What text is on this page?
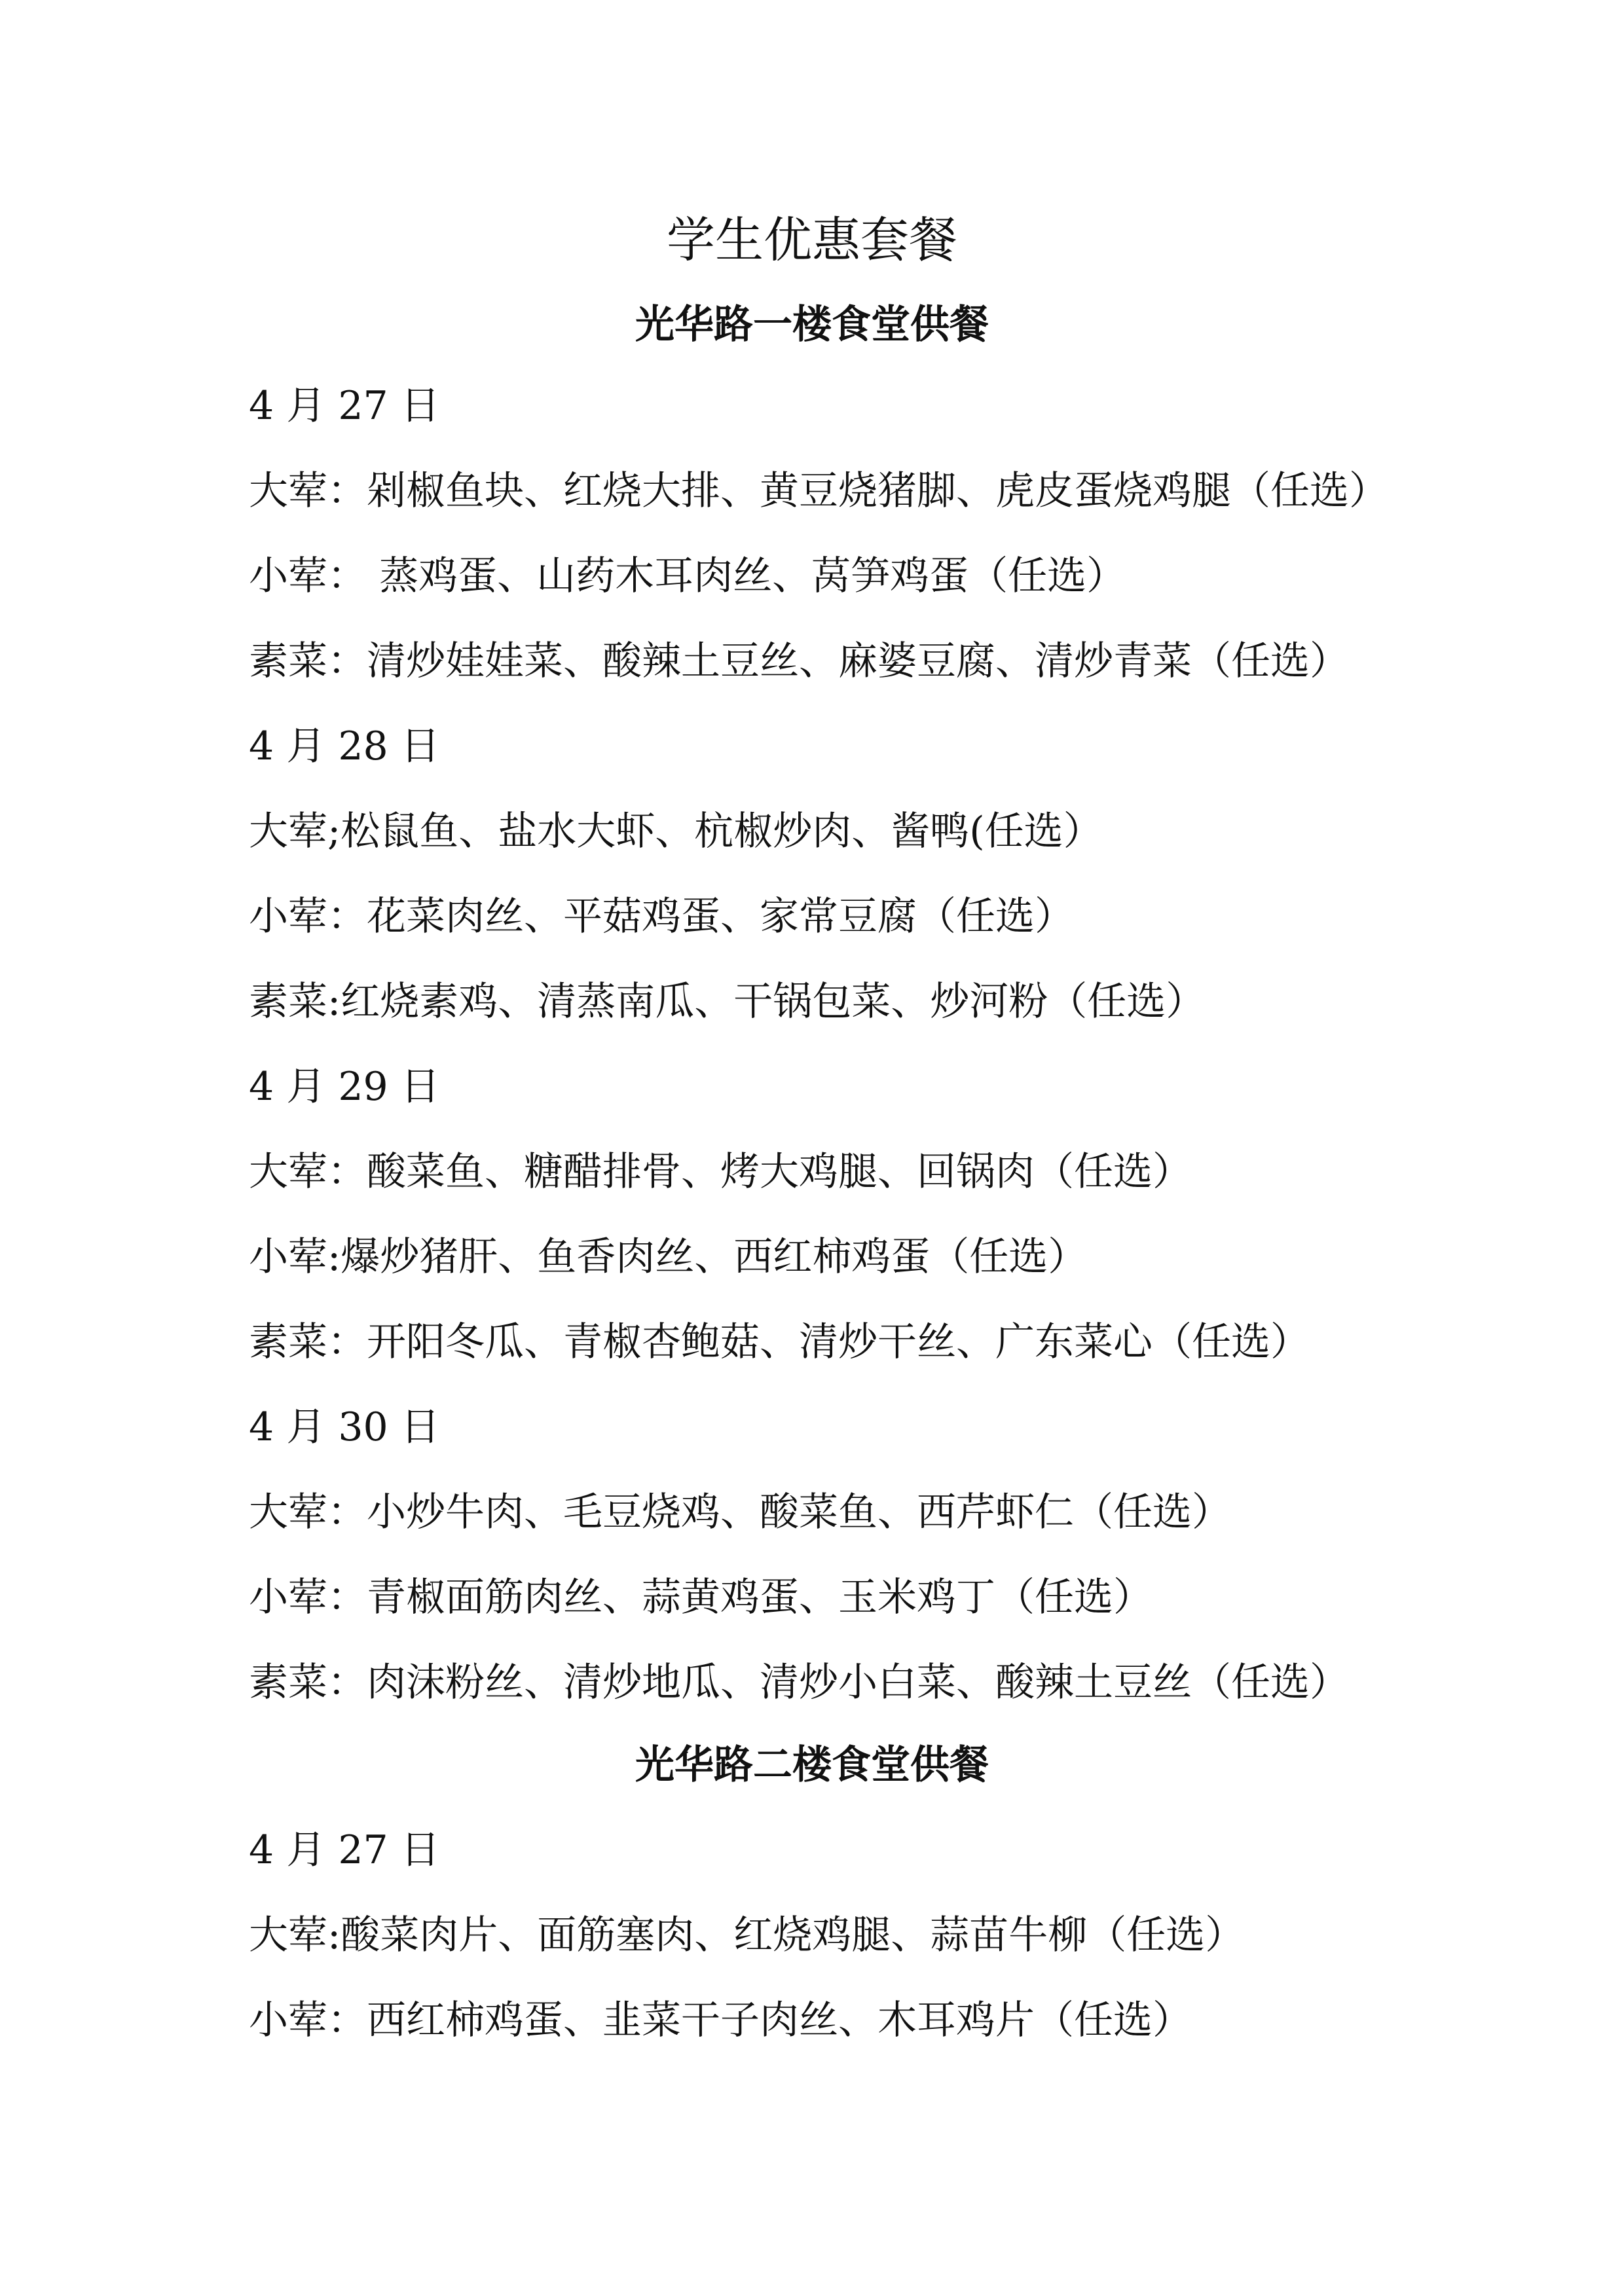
学生优惠套餐
光华路一楼食堂供餐
4 月 27 日
大荤：剁椒鱼块、红烧大排、黄豆烧猪脚、虎皮蛋烧鸡腿（任选）
小荤： 蒸鸡蛋、山药木耳肉丝、莴笋鸡蛋（任选）
素菜：清炒娃娃菜、酸辣土豆丝、麻婆豆腐、清炒青菜（任选）
4 月 28 日
大荤;松鼠鱼、盐水大虾、杭椒炒肉、酱鸭(任选）
小荤：花菜肉丝、平菇鸡蛋、家常豆腐（任选）
素菜:红烧素鸡、清蒸南瓜、干锅包菜、炒河粉（任选）
4 月 29 日
大荤：酸菜鱼、糖醋排骨、烤大鸡腿、回锅肉（任选）
小荤:爆炒猪肝、鱼香肉丝、西红柿鸡蛋（任选）
素菜：开阳冬瓜、青椒杏鲍菇、清炒干丝、广东菜心（任选）
4 月 30 日
大荤：小炒牛肉、毛豆烧鸡、酸菜鱼、西芹虾仁（任选）
小荤：青椒面筋肉丝、蒜黄鸡蛋、玉米鸡丁（任选）
素菜：肉沫粉丝、清炒地瓜、清炒小白菜、酸辣土豆丝（任选）
光华路二楼食堂供餐
4 月 27 日
大荤:酸菜肉片、面筋塞肉、红烧鸡腿、蒜苗牛柳（任选）
小荤：西红柿鸡蛋、韭菜干子肉丝、木耳鸡片（任选）
